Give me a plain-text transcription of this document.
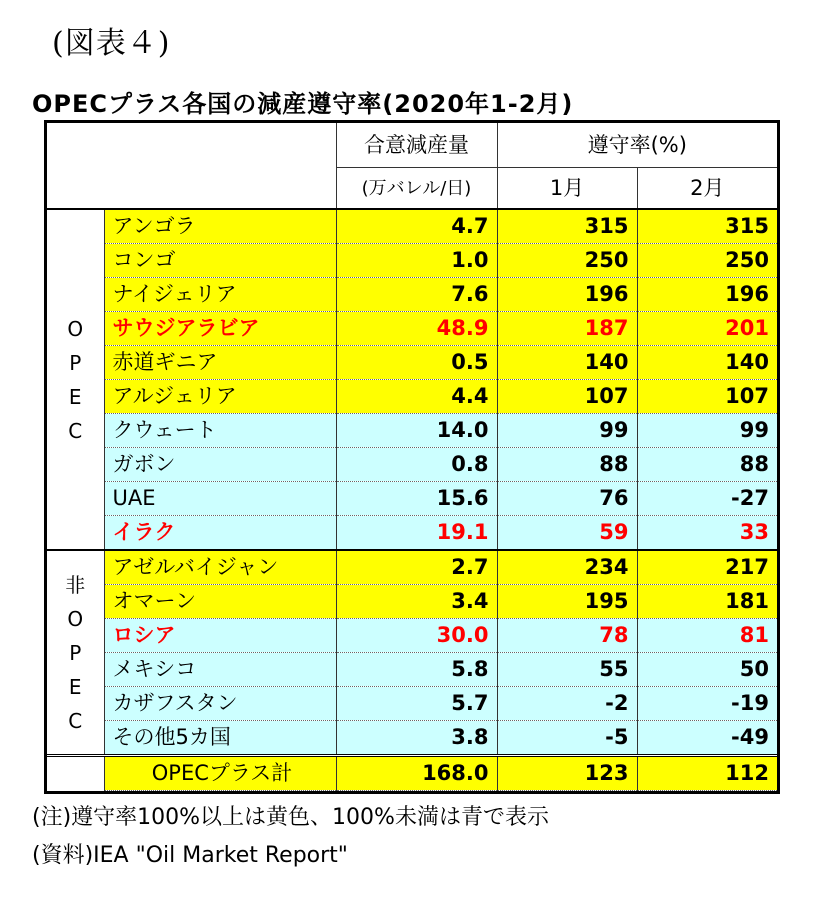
(図表４)
OPECプラス各国の減産遵守率(2020年1-2月)
		合意減産量	遵守率(%)	
		(万バレル/日)	1月	2月
O
P
E
C	アンゴラ	4.7	315	315
	コンゴ	1.0	250	250
	ナイジェリア	7.6	196	196
	サウジアラビア	48.9	187	201
	赤道ギニア	0.5	140	140
	アルジェリア	4.4	107	107
	クウェート	14.0	99	99
	ガボン	0.8	88	88
	UAE	15.6	76	-27
	イラク	19.1	59	33
非
O
P
E
C	アゼルバイジャン	2.7	234	217
	オマーン	3.4	195	181
	ロシア	30.0	78	81
	メキシコ	5.8	55	50
	カザフスタン	5.7	-2	-19
	その他5カ国	3.8	-5	-49
	OPECプラス計	168.0	123	112
(注)遵守率100%以上は黄色、100%未満は青で表示
(資料)IEA "Oil Market Report"
